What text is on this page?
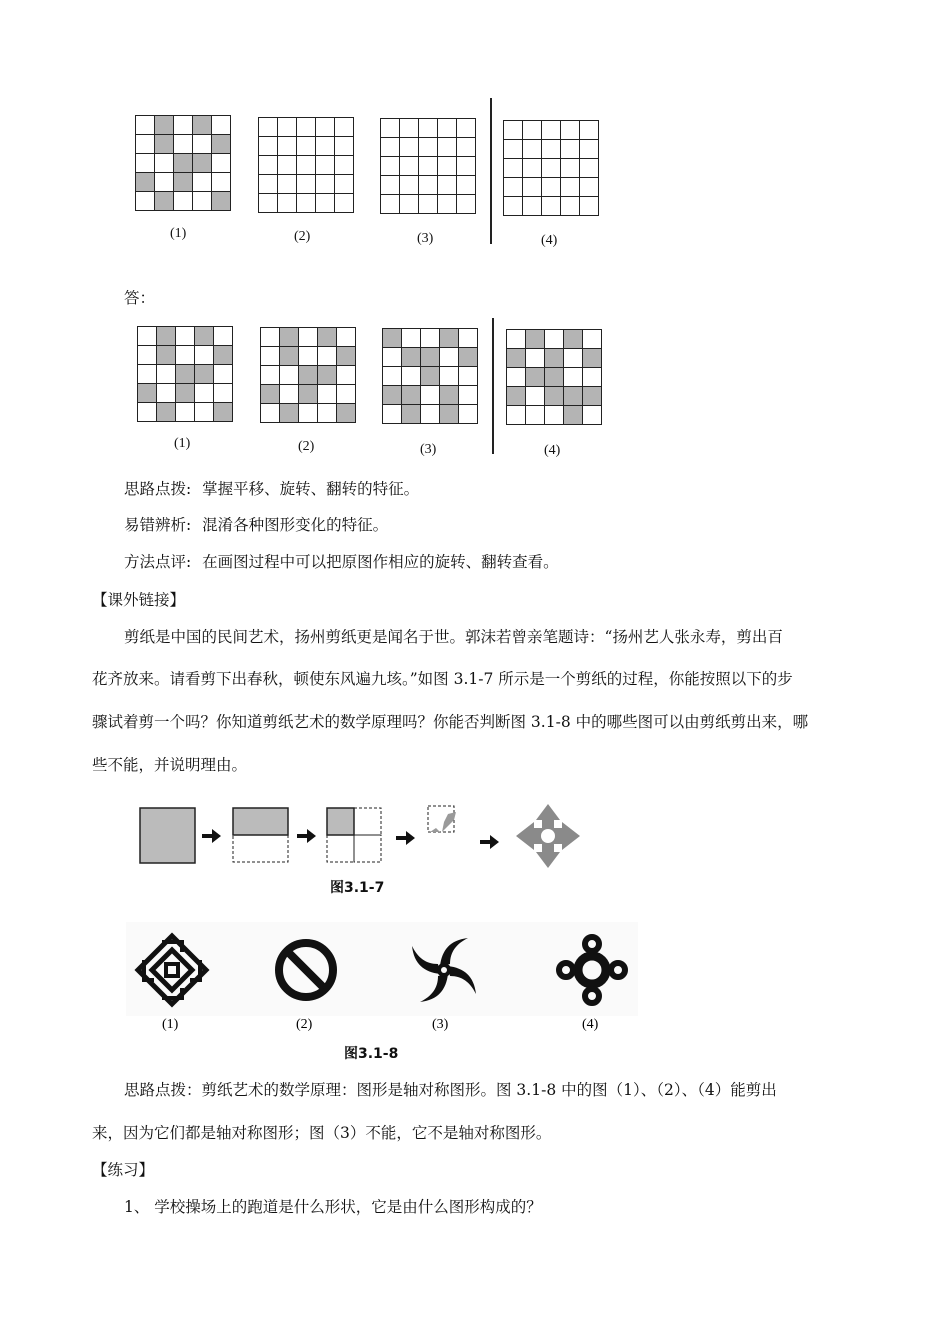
(1)	(2)	(3)	(4)
答：
(1)	(2)	(3)	(4)
思路点拨: 掌握平移、旋转、翻转的特征。
易错辨析: 混淆各种图形变化的特征。
方法点评: 在画图过程中可以把原图作相应的旋转、翻转查看。
【课外链接】
剪纸是中国的民间艺术，扬州剪纸更是闻名于世。郭沫若曾亲笔题诗：“扬州艺人张永寿，剪出百
花齐放来。请看剪下出春秋，顿使东风遍九垓。”如图 3.1-7 所示是一个剪纸的过程，你能按照以下的步
骤试着剪一个吗？你知道剪纸艺术的数学原理吗？你能否判断图 3.1-8 中的哪些图可以由剪纸剪出来，哪
些不能，并说明理由。
图3.1-7
(1)	(2)	(3)	(4)
图3.1-8
思路点拨：剪纸艺术的数学原理：图形是轴对称图形。图 3.1-8 中的图（1）、（2）、（4）能剪出
来，因为它们都是轴对称图形；图（3）不能，它不是轴对称图形。
【练习】
1、 学校操场上的跑道是什么形状，它是由什么图形构成的？
